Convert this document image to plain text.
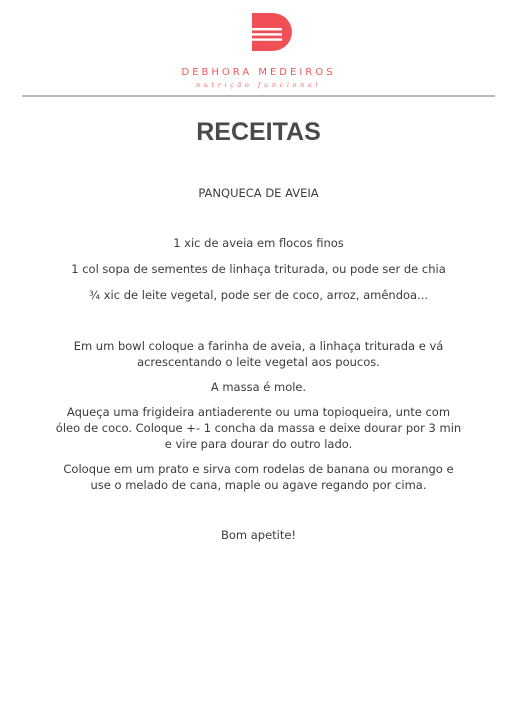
DEBHORA MEDEIROS
nutrição funcional
RECEITAS
PANQUECA DE AVEIA
1 xic de aveia em flocos finos
1 col sopa de sementes de linhaça triturada, ou pode ser de chia
¾ xic de leite vegetal, pode ser de coco, arroz, amêndoa...

Em um bowl coloque a farinha de aveia, a linhaça triturada e vá acrescentando o leite vegetal aos poucos.

A massa é mole.

Aqueça uma frigideira antiaderente ou uma topioqueira, unte com óleo de coco. Coloque +- 1 concha da massa e deixe dourar por 3 min e vire para dourar do outro lado.

Coloque em um prato e sirva com rodelas de banana ou morango e use o melado de cana, maple ou agave regando por cima.

Bom apetite!
